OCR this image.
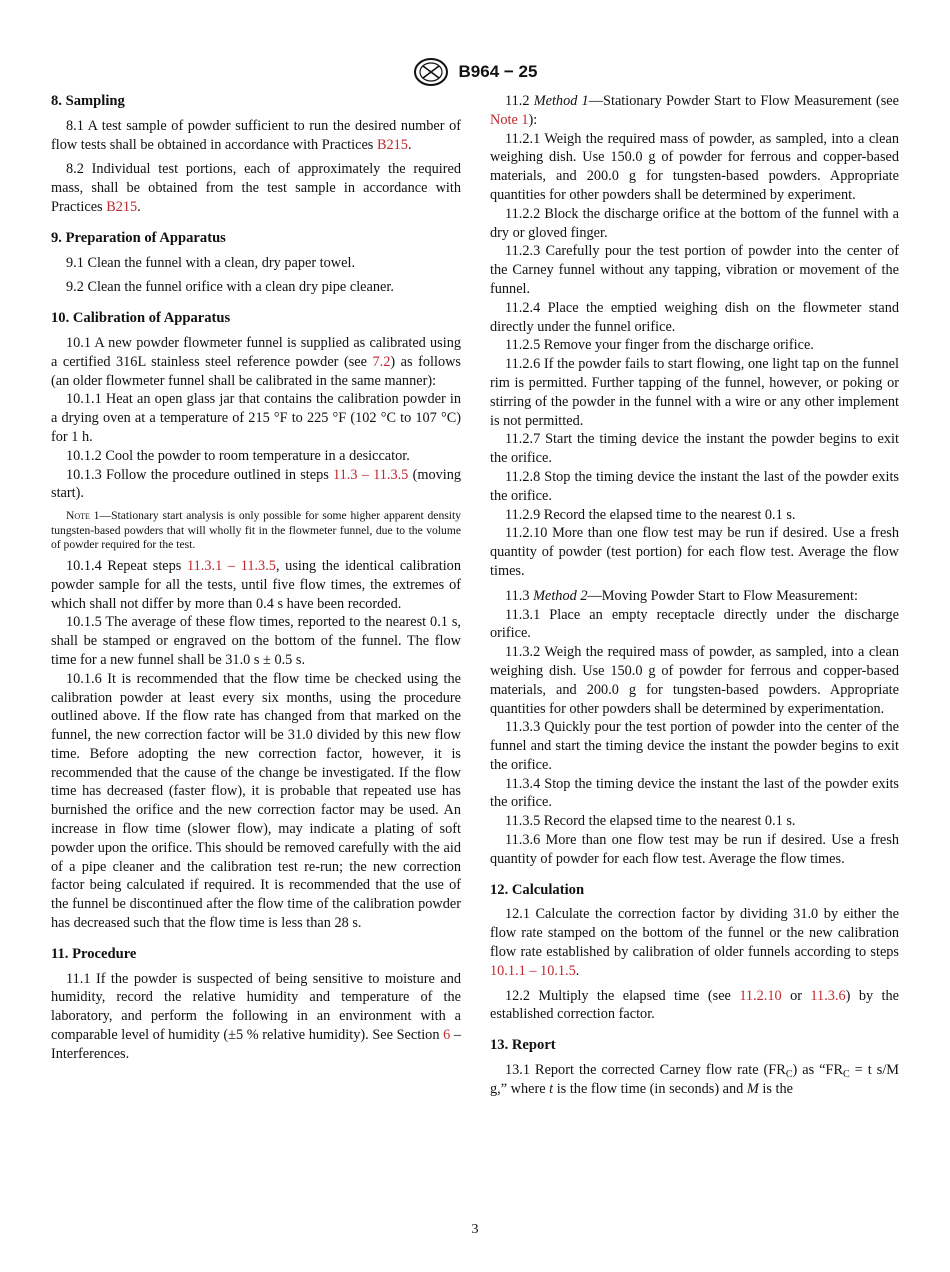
B964 − 25
8. Sampling

8.1 A test sample of powder sufficient to run the desired number of flow tests shall be obtained in accordance with Practices B215.

8.2 Individual test portions, each of approximately the required mass, shall be obtained from the test sample in accordance with Practices B215.

9. Preparation of Apparatus

9.1 Clean the funnel with a clean, dry paper towel.

9.2 Clean the funnel orifice with a clean dry pipe cleaner.

10. Calibration of Apparatus

10.1 A new powder flowmeter funnel is supplied as calibrated using a certified 316L stainless steel reference powder (see 7.2) as follows (an older flowmeter funnel shall be calibrated in the same manner):

10.1.1 Heat an open glass jar that contains the calibration powder in a drying oven at a temperature of 215 °F to 225 °F (102 °C to 107 °C) for 1 h.

10.1.2 Cool the powder to room temperature in a desiccator.

10.1.3 Follow the procedure outlined in steps 11.3 – 11.3.5 (moving start).

Note 1—Stationary start analysis is only possible for some higher apparent density tungsten-based powders that will wholly fit in the flowmeter funnel, due to the volume of powder required for the test.

10.1.4 Repeat steps 11.3.1 – 11.3.5, using the identical calibration powder sample for all the tests, until five flow times, the extremes of which shall not differ by more than 0.4 s have been recorded.

10.1.5 The average of these flow times, reported to the nearest 0.1 s, shall be stamped or engraved on the bottom of the funnel. The flow time for a new funnel shall be 31.0 s ± 0.5 s.

10.1.6 It is recommended that the flow time be checked using the calibration powder at least every six months, using the procedure outlined above. If the flow rate has changed from that marked on the funnel, the new correction factor will be 31.0 divided by this new flow time. Before adopting the new correction factor, however, it is recommended that the cause of the change be investigated. If the flow time has decreased (faster flow), it is probable that repeated use has burnished the orifice and the new correction factor may be used. An increase in flow time (slower flow), may indicate a plating of soft powder upon the orifice. This should be removed carefully with the aid of a pipe cleaner and the calibration test re-run; the new correction factor being calculated if required. It is recommended that the use of the funnel be discontinued after the flow time of the calibration powder has decreased such that the flow time is less than 28 s.

11. Procedure

11.1 If the powder is suspected of being sensitive to moisture and humidity, record the relative humidity and temperature of the laboratory, and perform the following in an environment with a comparable level of humidity (±5 % relative humidity). See Section 6 – Interferences.

11.2 Method 1—Stationary Powder Start to Flow Measurement (see Note 1):

11.2.1 Weigh the required mass of powder, as sampled, into a clean weighing dish. Use 150.0 g of powder for ferrous and copper-based materials, and 200.0 g for tungsten-based powders. Appropriate quantities for other powders shall be determined by experiment.

11.2.2 Block the discharge orifice at the bottom of the funnel with a dry or gloved finger.

11.2.3 Carefully pour the test portion of powder into the center of the Carney funnel without any tapping, vibration or movement of the funnel.

11.2.4 Place the emptied weighing dish on the flowmeter stand directly under the funnel orifice.

11.2.5 Remove your finger from the discharge orifice.

11.2.6 If the powder fails to start flowing, one light tap on the funnel rim is permitted. Further tapping of the funnel, however, or poking or stirring of the powder in the funnel with a wire or any other implement is not permitted.

11.2.7 Start the timing device the instant the powder begins to exit the orifice.

11.2.8 Stop the timing device the instant the last of the powder exits the orifice.

11.2.9 Record the elapsed time to the nearest 0.1 s.

11.2.10 More than one flow test may be run if desired. Use a fresh quantity of powder (test portion) for each flow test. Average the flow times.

11.3 Method 2—Moving Powder Start to Flow Measurement:

11.3.1 Place an empty receptacle directly under the discharge orifice.

11.3.2 Weigh the required mass of powder, as sampled, into a clean weighing dish. Use 150.0 g of powder for ferrous and copper-based materials, and 200.0 g for tungsten-based powders. Appropriate quantities for other powders shall be determined by experimentation.

11.3.3 Quickly pour the test portion of powder into the center of the funnel and start the timing device the instant the powder begins to exit the orifice.

11.3.4 Stop the timing device the instant the last of the powder exits the orifice.

11.3.5 Record the elapsed time to the nearest 0.1 s.

11.3.6 More than one flow test may be run if desired. Use a fresh quantity of powder for each flow test. Average the flow times.

12. Calculation

12.1 Calculate the correction factor by dividing 31.0 by either the flow rate stamped on the bottom of the funnel or the new calibration flow rate established by calibration of older funnels according to steps 10.1.1 – 10.1.5.

12.2 Multiply the elapsed time (see 11.2.10 or 11.3.6) by the established correction factor.

13. Report

13.1 Report the corrected Carney flow rate $(FR_C)$ as “$FR_C = t$ s/M g,” where t is the flow time (in seconds) and M is the

3
